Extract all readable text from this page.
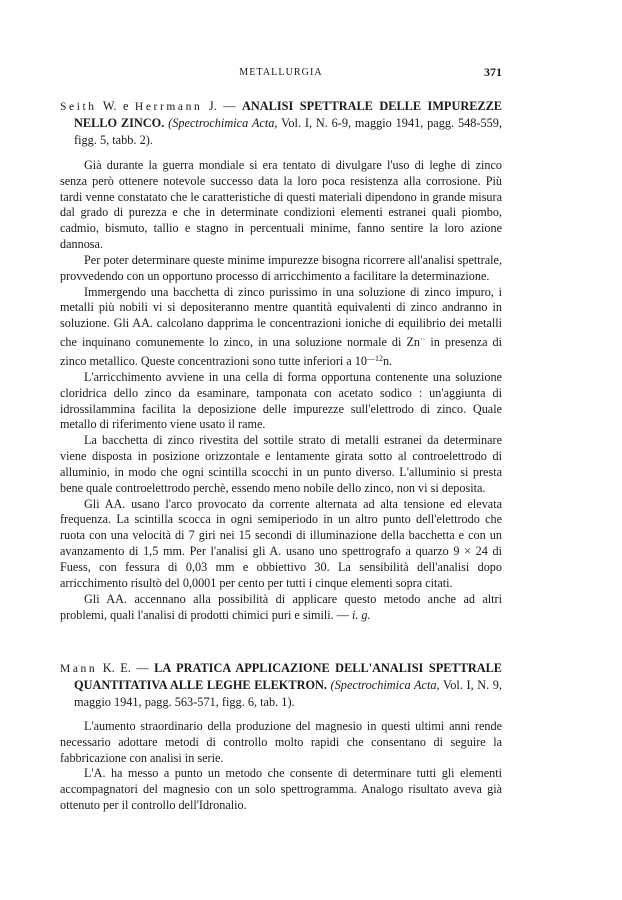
METALLURGIA	371

Seith W. e Herrmann J. — ANALISI SPETTRALE DELLE IMPUREZZE NELLO ZINCO. (Spectrochimica Acta, Vol. I, N. 6-9, maggio 1941, pagg. 548-559, figg. 5, tabb. 2).

Già durante la guerra mondiale si era tentato di divulgare l'uso di leghe di zinco senza però ottenere notevole successo data la loro poca resistenza alla corrosione. Più tardi venne constatato che le caratteristiche di questi materiali dipendono in grande misura dal grado di purezza e che in determinate condizioni elementi estranei quali piombo, cadmio, bismuto, tallio e stagno in percentuali minime, fanno sentire la loro azione dannosa.

Per poter determinare queste minime impurezze bisogna ricorrere all'analisi spettrale, provvedendo con un opportuno processo di arricchimento a facilitare la determinazione.

Immergendo una bacchetta di zinco purissimo in una soluzione di zinco impuro, i metalli più nobili vi si depositeranno mentre quantità equivalenti di zinco andranno in soluzione. Gli AA. calcolano dapprima le concentrazioni ioniche di equilibrio dei metalli che inquinano comunemente lo zinco, in una soluzione normale di Zn·· in presenza di zinco metallico. Queste concentrazioni sono tutte inferiori a $10^{—12}n$.

L'arricchimento avviene in una cella di forma opportuna contenente una soluzione cloridrica dello zinco da esaminare, tamponata con acetato sodico : un'aggiunta di idrossilammina facilita la deposizione delle impurezze sull'elettrodo di zinco. Quale metallo di riferimento viene usato il rame.

La bacchetta di zinco rivestita del sottile strato di metalli estranei da determinare viene disposta in posizione orizzontale e lentamente girata sotto al controelettrodo di alluminio, in modo che ogni scintilla scocchi in un punto diverso. L'alluminio si presta bene quale controelettrodo perchè, essendo meno nobile dello zinco, non vi si deposita.

Gli AA. usano l'arco provocato da corrente alternata ad alta tensione ed elevata frequenza. La scintilla scocca in ogni semiperiodo in un altro punto dell'elettrodo che ruota con una velocità di 7 giri nei 15 secondi di illuminazione della bacchetta e con un avanzamento di 1,5 mm. Per l'analisi gli A. usano uno spettrografo a quarzo 9 × 24 di Fuess, con fessura di 0,03 mm e obbiettivo 30. La sensibilità dell'analisi dopo arricchimento risultò del 0,0001 per cento per tutti i cinque elementi sopra citati.

Gli AA. accennano alla possibilità di applicare questo metodo anche ad altri problemi, quali l'analisi di prodotti chimici puri e simili. — i. g.

Mann K. E. — LA PRATICA APPLICAZIONE DELL'ANALISI SPETTRALE QUANTITATIVA ALLE LEGHE ELEKTRON. (Spectrochimica Acta, Vol. I, N. 9, maggio 1941, pagg. 563-571, figg. 6, tab. 1).

L'aumento straordinario della produzione del magnesio in questi ultimi anni rende necessario adottare metodi di controllo molto rapidi che consentano di seguire la fabbricazione con analisi in serie.

L'A. ha messo a punto un metodo che consente di determinare tutti gli elementi accompagnatori del magnesio con un solo spettrogramma. Analogo risultato aveva già ottenuto per il controllo dell'Idronalio.
